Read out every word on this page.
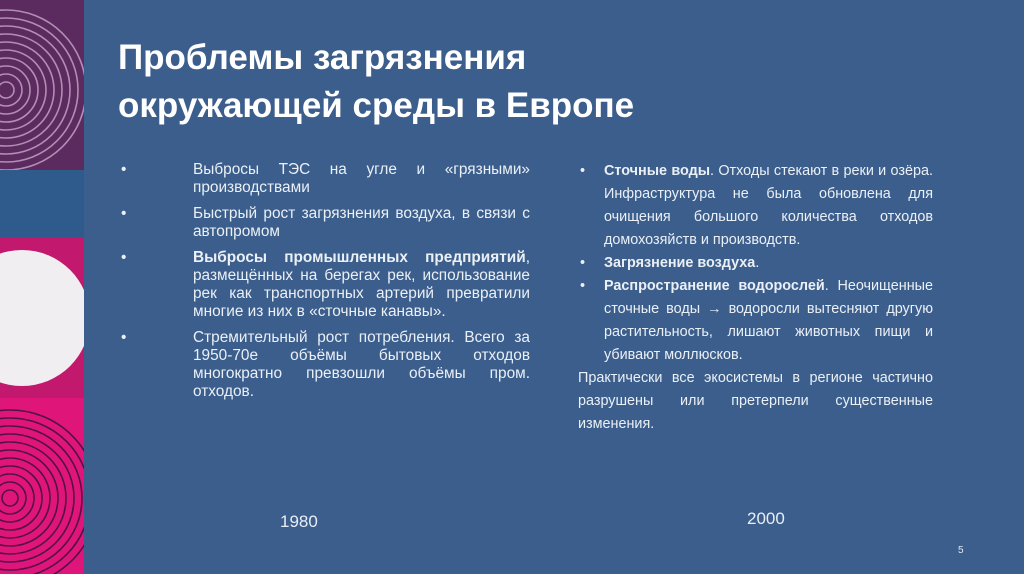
Проблемы загрязнения
окружающей среды в Европе
•	Выбросы ТЭС на угле и «грязными» производствами
•	Быстрый рост загрязнения воздуха, в связи с автопромом
•	Выбросы промышленных предприятий, размещённых на берегах рек, использование рек как транспортных артерий превратили многие из них в «сточные канавы».
•	Стремительный рост потребления. Всего за 1950-70е объёмы бытовых отходов многократно превзошли объёмы пром. отходов.
• Сточные воды. Отходы стекают в реки и озёра. Инфраструктура не была обновлена для очищения большого количества отходов домохозяйств и производств.
• Загрязнение воздуха.
• Распространение водорослей. Неочищенные сточные воды → водоросли вытесняют другую растительность, лишают животных пищи и убивают моллюсков.

Практически все экосистемы в регионе частично разрушены или претерпели существенные изменения.

1980	2000
5
